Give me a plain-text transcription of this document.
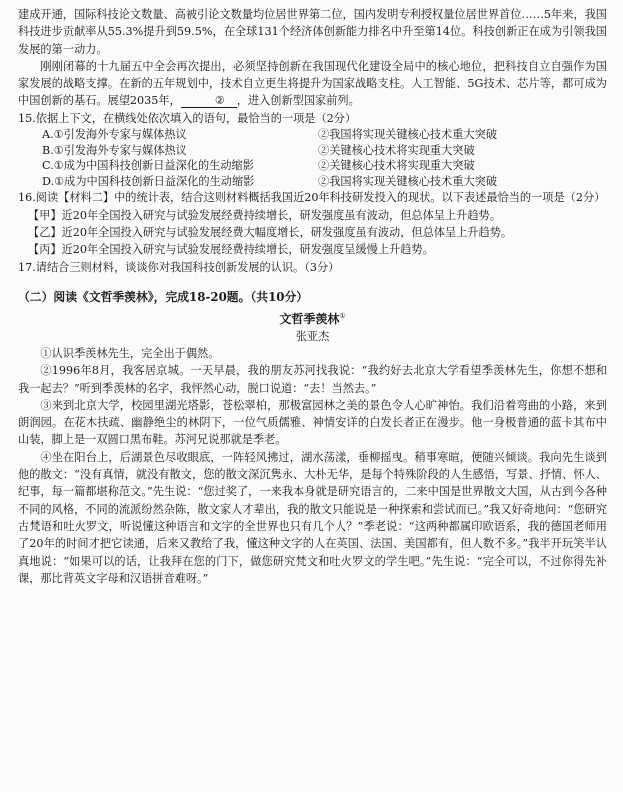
建成开通，国际科技论文数量、高被引论文数量均位居世界第二位，国内发明专利授权量位居世界首位……5年来，我国科技进步贡献率从55.3%提升到59.5%，在全球131个经济体创新能力排名中升至第14位。科技创新正在成为引领我国发展的第一动力。

刚刚闭幕的十九届五中全会再次提出，必须坚持创新在我国现代化建设全局中的核心地位，把科技自立自强作为国家发展的战略支撑。在新的五年规划中，技术自立更生将提升为国家战略支柱。人工智能、5G技术、芯片等，都可成为中国创新的基石。展望2035年，	② ，进入创新型国家前列。

15.依据上下文，在横线处依次填入的语句，最恰当的一项是（2分）

A.①引发海外专家与媒体热议	②我国将实现关键核心技术重大突破
B.①引发海外专家与媒体热议	②关键核心技术将实现重大突破
C.①成为中国科技创新日益深化的生动缩影	②关键核心技术将实现重大突破
D.①成为中国科技创新日益深化的生动缩影	②我国将实现关键核心技术重大突破

16.阅读【材料二】中的统计表，结合这则材料概括我国近20年科技研发投入的现状。以下表述最恰当的一项是（2分）

【甲】近20年全国投入研究与试验发展经费持续增长，研发强度虽有波动，但总体呈上升趋势。

【乙】近20年全国投入研究与试验发展经费大幅度增长，研发强度虽有波动，但总体呈上升趋势。

【丙】近20年全国投入研究与试验发展经费持续增长，研发强度呈缓慢上升趋势。

17.请结合三则材料，谈谈你对我国科技创新发展的认识。（3分）

（二）阅读《文哲季羡林》，完成18-20题。（共10分）

文哲季羡林①

张亚杰

①认识季羡林先生，完全出于偶然。

②1996年8月，我客居京城。一天早晨，我的朋友苏河找我说：“我约好去北京大学看望季羡林先生，你想不想和我一起去？”听到季羡林的名字，我怦然心动，脱口说道：“去！当然去。”

③来到北京大学，校园里湖光塔影，苍松翠柏，那极富园林之美的景色令人心旷神怡。我们沿着弯曲的小路，来到朗润园。在花木扶疏、幽静绝尘的林阴下，一位气质儒雅、神情安详的白发长者正在漫步。他一身极普通的蓝卡其布中山装，脚上是一双圆口黑布鞋。苏河兄说那就是季老。

④坐在阳台上，后湖景色尽收眼底，一阵轻风拂过，湖水荡漾，垂柳摇曳。稍事寒暄，便随兴倾谈。我向先生谈到他的散文：“没有真情，就没有散文，您的散文深沉隽永、大朴无华，是每个特殊阶段的人生感悟，写景、抒情、怀人、纪事，每一篇都堪称范文。”先生说：“您过奖了，一来我本身就是研究语言的，二来中国是世界散文大国，从古到今各种不同的风格，不同的流派纷然杂陈，散文家人才辈出，我的散文只能说是一种探索和尝试而已。”我又好奇地问：“您研究古梵语和吐火罗文，听说懂这种语言和文字的全世界也只有几个人？”季老说：“这两种都属印欧语系，我的德国老师用了20年的时间才把它读通，后来又教给了我，懂这种文字的人在英国、法国、美国都有，但人数不多。”我半开玩笑半认真地说：“如果可以的话，让我拜在您的门下，做您研究梵文和吐火罗文的学生吧。”先生说：“完全可以，不过你得先补课，那比背英文字母和汉语拼音难呀。”
